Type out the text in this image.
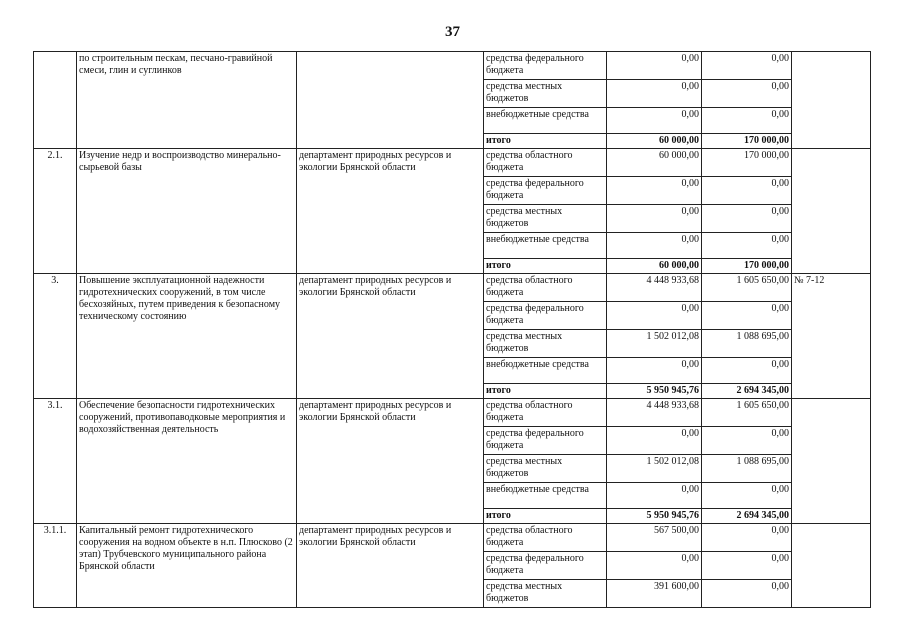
37
	по строительным пескам, песчано-гравийной смеси, глин и суглинков		средства федерального бюджета	0,00	0,00	
			средства местных бюджетов	0,00	0,00	
			внебюджетные средства	0,00	0,00	
			итого	60 000,00	170 000,00	
2.1.	Изучение недр и воспроизводство минерально-сырьевой базы	департамент природных ресурсов и экологии Брянской области	средства областного бюджета	60 000,00	170 000,00	
			средства федерального бюджета	0,00	0,00	
			средства местных бюджетов	0,00	0,00	
			внебюджетные средства	0,00	0,00	
			итого	60 000,00	170 000,00	
3.	Повышение эксплуатационной надежности гидротехнических сооружений, в том числе бесхозяйных, путем приведения к безопасному техническому состоянию	департамент природных ресурсов и экологии Брянской области	средства областного бюджета	4 448 933,68	1 605 650,00	№ 7-12
			средства федерального бюджета	0,00	0,00	
			средства местных бюджетов	1 502 012,08	1 088 695,00	
			внебюджетные средства	0,00	0,00	
			итого	5 950 945,76	2 694 345,00	
3.1.	Обеспечение безопасности гидротехнических сооружений, противопаводковые мероприятия и водохозяйственная деятельность	департамент природных ресурсов и экологии Брянской области	средства областного бюджета	4 448 933,68	1 605 650,00	
			средства федерального бюджета	0,00	0,00	
			средства местных бюджетов	1 502 012,08	1 088 695,00	
			внебюджетные средства	0,00	0,00	
			итого	5 950 945,76	2 694 345,00	
3.1.1.	Капитальный ремонт гидротехнического сооружения на водном объекте в н.п. Плюсково (2 этап) Трубчевского муниципального района Брянской области	департамент природных ресурсов и экологии Брянской области	средства областного бюджета	567 500,00	0,00	
			средства федерального бюджета	0,00	0,00	
			средства местных бюджетов	391 600,00	0,00	
